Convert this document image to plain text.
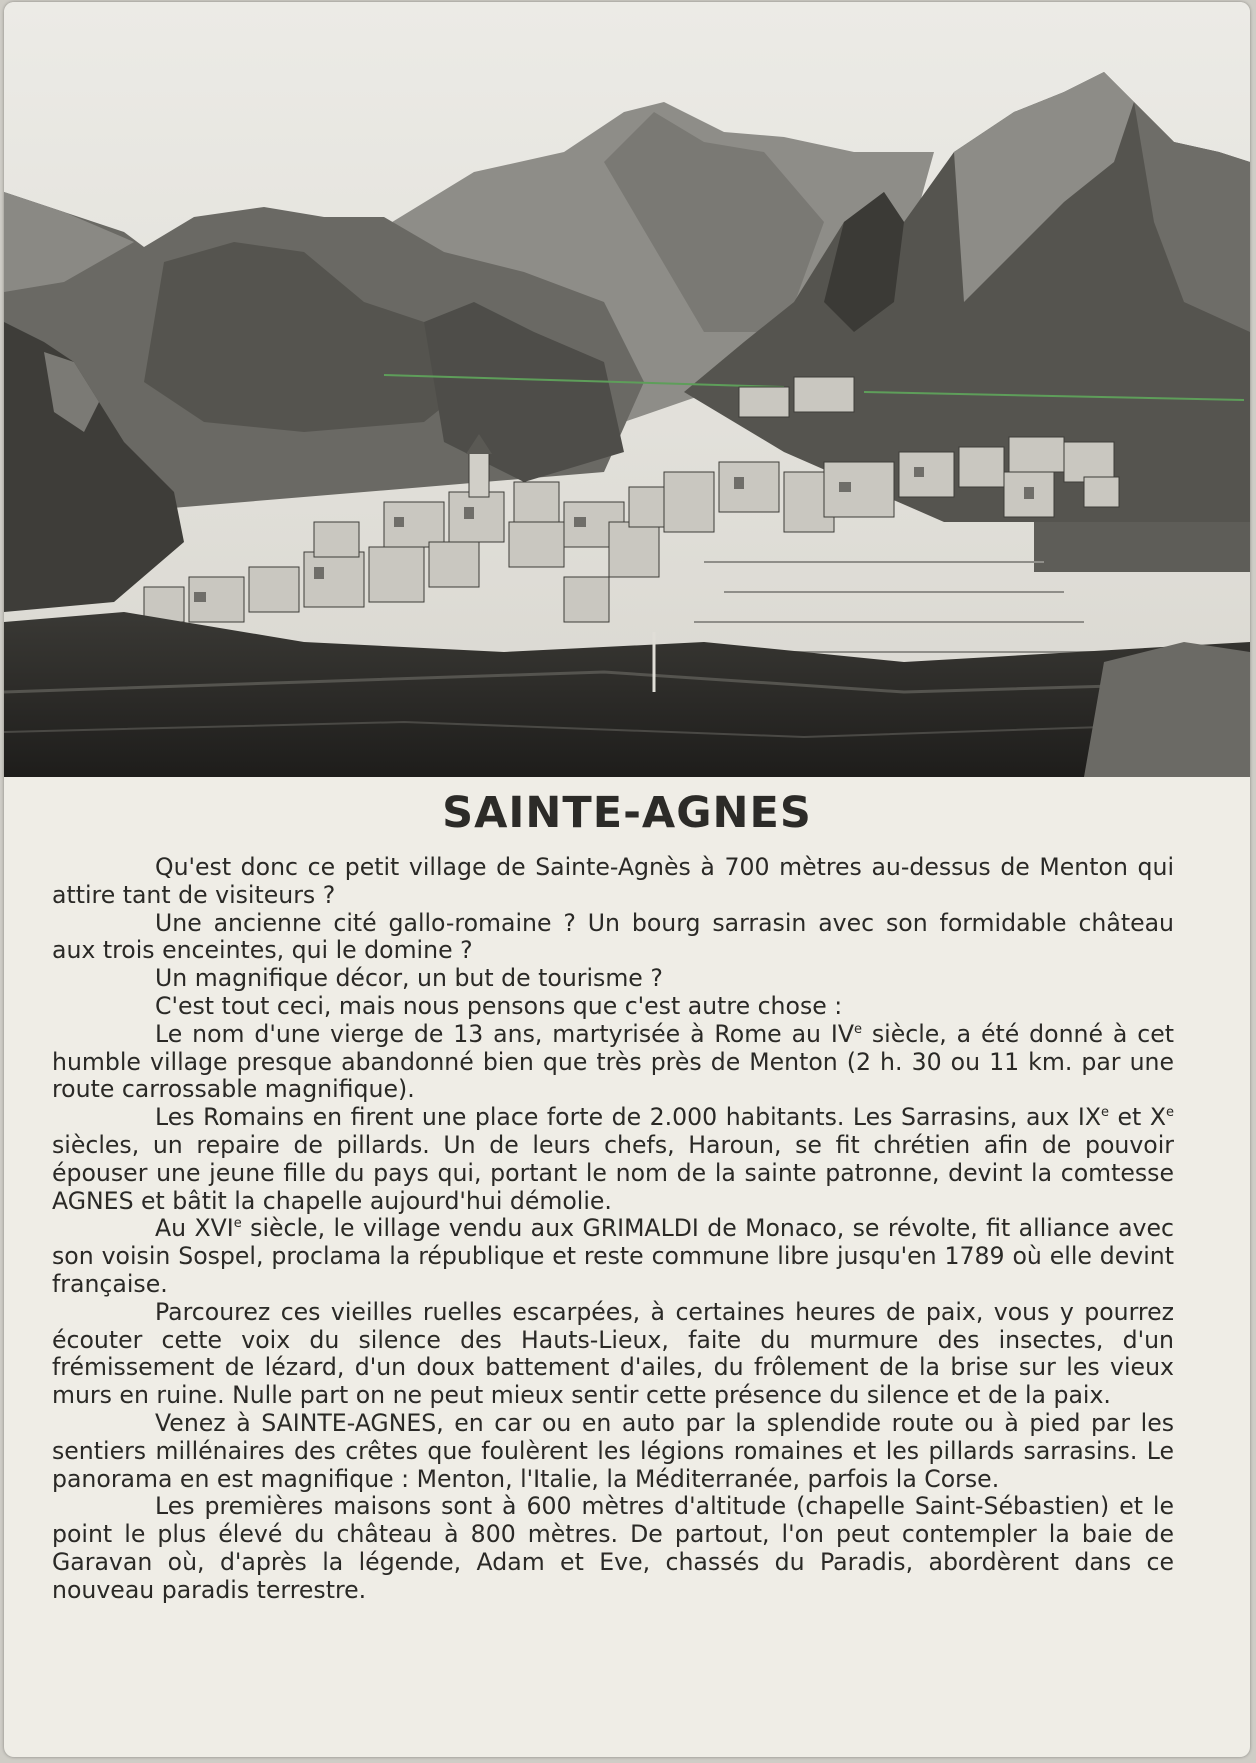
SAINTE-AGNES

Qu'est donc ce petit village de Sainte-Agnès à 700 mètres au-dessus de Menton qui attire tant de visiteurs ?

Une ancienne cité gallo-romaine ? Un bourg sarrasin avec son formidable château aux trois enceintes, qui le domine ?

Un magnifique décor, un but de tourisme ?

C'est tout ceci, mais nous pensons que c'est autre chose :

Le nom d'une vierge de 13 ans, martyrisée à Rome au IVe siècle, a été donné à cet humble village presque abandonné bien que très près de Menton (2 h. 30 ou 11 km. par une route carrossable magnifique).

Les Romains en firent une place forte de 2.000 habitants. Les Sarrasins, aux IXe et Xe siècles, un repaire de pillards. Un de leurs chefs, Haroun, se fit chrétien afin de pouvoir épouser une jeune fille du pays qui, portant le nom de la sainte patronne, devint la comtesse AGNES et bâtit la chapelle aujourd'hui démolie.

Au XVIe siècle, le village vendu aux GRIMALDI de Monaco, se révolte, fit alliance avec son voisin Sospel, proclama la république et reste commune libre jusqu'en 1789 où elle devint française.

Parcourez ces vieilles ruelles escarpées, à certaines heures de paix, vous y pourrez écouter cette voix du silence des Hauts-Lieux, faite du murmure des insectes, d'un frémissement de lézard, d'un doux battement d'ailes, du frôlement de la brise sur les vieux murs en ruine. Nulle part on ne peut mieux sentir cette présence du silence et de la paix.

Venez à SAINTE-AGNES, en car ou en auto par la splendide route ou à pied par les sentiers millénaires des crêtes que foulèrent les légions romaines et les pillards sarrasins. Le panorama en est magnifique : Menton, l'Italie, la Méditerranée, parfois la Corse.

Les premières maisons sont à 600 mètres d'altitude (chapelle Saint-Sébastien) et le point le plus élevé du château à 800 mètres. De partout, l'on peut contempler la baie de Garavan où, d'après la légende, Adam et Eve, chassés du Paradis, abordèrent dans ce nouveau paradis terrestre.
